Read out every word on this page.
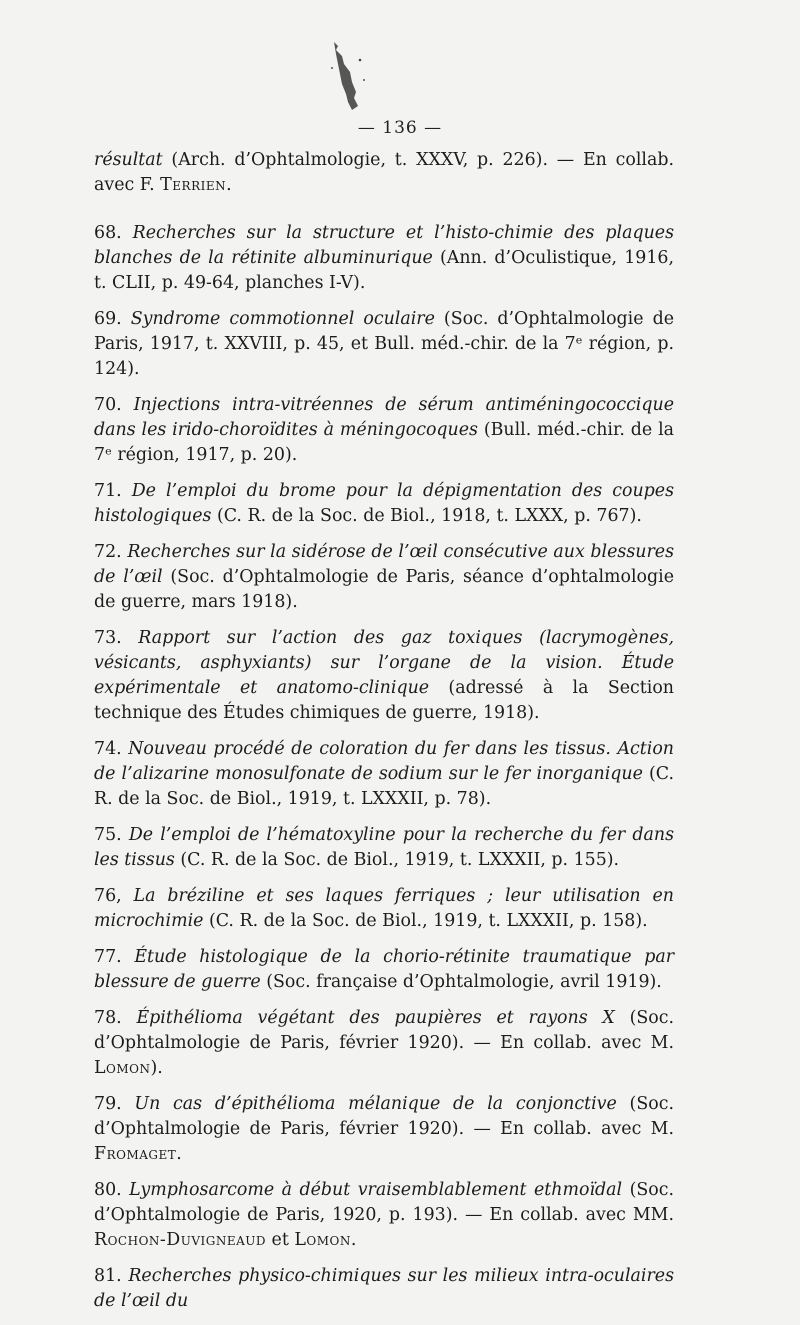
— 136 —

résultat (Arch. d’Ophtalmologie, t. XXXV, p. 226). — En collab. avec F. Terrien.

68. Recherches sur la structure et l’histo-chimie des plaques blanches de la rétinite albuminurique (Ann. d’Oculistique, 1916, t. CLII, p. 49-64, planches I-V).

69. Syndrome commotionnel oculaire (Soc. d’Ophtalmologie de Paris, 1917, t. XXVIII, p. 45, et Bull. méd.-chir. de la 7ᵉ région, p. 124).

70. Injections intra-vitréennes de sérum antiméningococcique dans les irido-choroïdites à méningocoques (Bull. méd.-chir. de la 7ᵉ région, 1917, p. 20).

71. De l’emploi du brome pour la dépigmentation des coupes histologiques (C. R. de la Soc. de Biol., 1918, t. LXXX, p. 767).

72. Recherches sur la sidérose de l’œil consécutive aux blessures de l’œil (Soc. d’Ophtalmologie de Paris, séance d’ophtalmologie de guerre, mars 1918).

73. Rapport sur l’action des gaz toxiques (lacrymogènes, vésicants, asphyxiants) sur l’organe de la vision. Étude expérimentale et anatomo-clinique (adressé à la Section technique des Études chimiques de guerre, 1918).

74. Nouveau procédé de coloration du fer dans les tissus. Action de l’alizarine monosulfonate de sodium sur le fer inorganique (C. R. de la Soc. de Biol., 1919, t. LXXXII, p. 78).

75. De l’emploi de l’hématoxyline pour la recherche du fer dans les tissus (C. R. de la Soc. de Biol., 1919, t. LXXXII, p. 155).

76, La bréziline et ses laques ferriques ; leur utilisation en microchimie (C. R. de la Soc. de Biol., 1919, t. LXXXII, p. 158).

77. Étude histologique de la chorio-rétinite traumatique par blessure de guerre (Soc. française d’Ophtalmologie, avril 1919).

78. Épithélioma végétant des paupières et rayons X (Soc. d’Ophtalmologie de Paris, février 1920). — En collab. avec M. Lomon).

79. Un cas d’épithélioma mélanique de la conjonctive (Soc. d’Ophtalmologie de Paris, février 1920). — En collab. avec M. Fromaget.

80. Lymphosarcome à début vraisemblablement ethmoïdal (Soc. d’Ophtalmologie de Paris, 1920, p. 193). — En collab. avec MM. Rochon-Duvigneaud et Lomon.

81. Recherches physico-chimiques sur les milieux intra-oculaires de l’œil du
